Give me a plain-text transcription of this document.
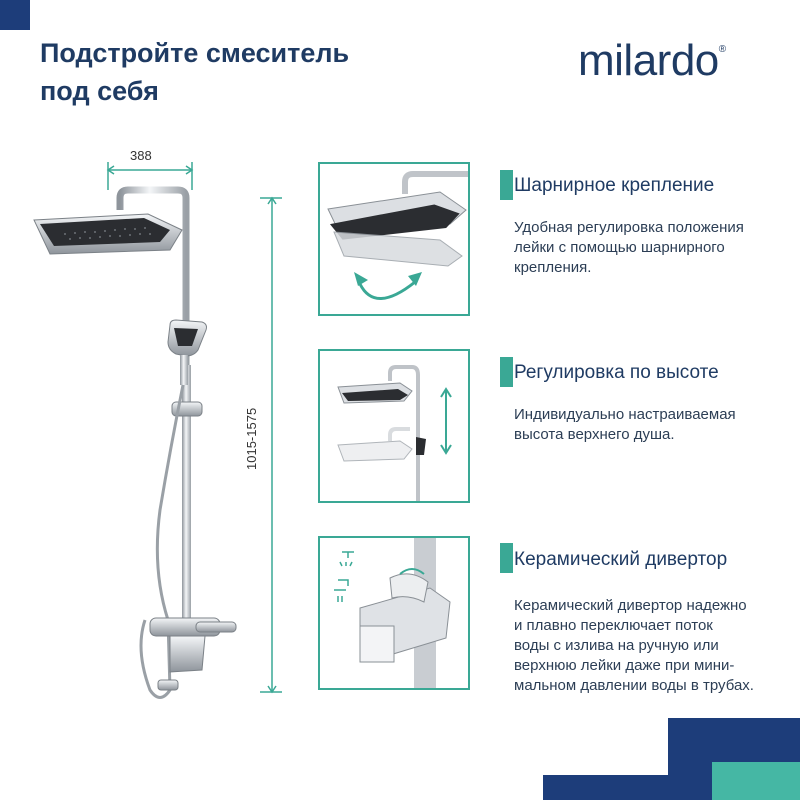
Подстройте смеситель
под себя
milardo®
388
1015-1575
Шарнирное крепление
Удобная регулировка положения
лейки с помощью шарнирного
крепления.
Регулировка по высоте
Индивидуально настраиваемая
высота верхнего душа.
Керамический дивертор
Керамический дивертор надежно
и плавно переключает поток
воды с излива на ручную или
верхнюю лейки даже при мини-
мальном давлении воды в трубах.
